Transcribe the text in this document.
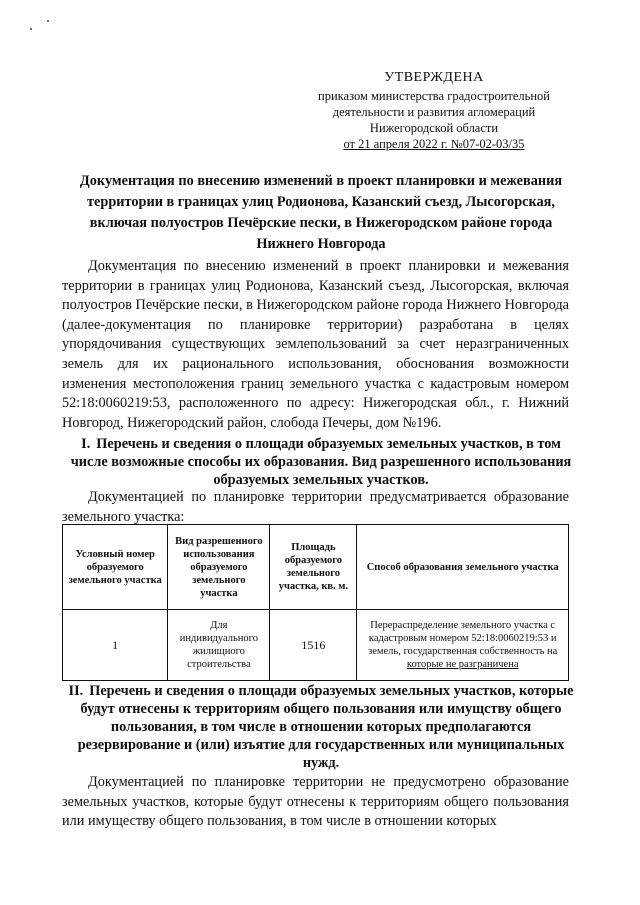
УТВЕРЖДЕНА
приказом министерства градостроительной
деятельности и развития агломераций
Нижегородской области
от 21 апреля 2022 г. №07-02-03/35
Документация по внесению изменений в проект планировки и межевания территории в границах улиц Родионова, Казанский съезд, Лысогорская, включая полуостров Печёрские пески, в Нижегородском районе города Нижнего Новгорода
Документация по внесению изменений в проект планировки и межевания территории в границах улиц Родионова, Казанский съезд, Лысогорская, включая полуостров Печёрские пески, в Нижегородском районе города Нижнего Новгорода (далее-документация по планировке территории) разработана в целях упорядочивания существующих землепользований за счет неразграниченных земель для их рационального использования, обоснования возможности изменения местоположения границ земельного участка с кадастровым номером 52:18:0060219:53, расположенного по адресу: Нижегородская обл., г. Нижний Новгород, Нижегородский район, слобода Печеры, дом №196.
I. Перечень и сведения о площади образуемых земельных участков, в том числе возможные способы их образования. Вид разрешенного использования образуемых земельных участков.
Документацией по планировке территории предусматривается образование земельного участка:
Условный номер образуемого земельного участка	Вид разрешенного использования образуемого земельного участка	Площадь образуемого земельного участка, кв. м.	Способ образования земельного участка
1	Для индивидуального жилищного строительства	1516	Перераспределение земельного участка с кадастровым номером 52:18:0060219:53 и земель, государственная собственность на которые не разграничена
II. Перечень и сведения о площади образуемых земельных участков, которые будут отнесены к территориям общего пользования или имущству общего пользования, в том числе в отношении которых предполагаются резервирование и (или) изъятие для государственных или муниципальных нужд.
Документацией по планировке территории не предусмотрено образование земельных участков, которые будут отнесены к территориям общего пользования или имуществу общего пользования, в том числе в отношении которых
